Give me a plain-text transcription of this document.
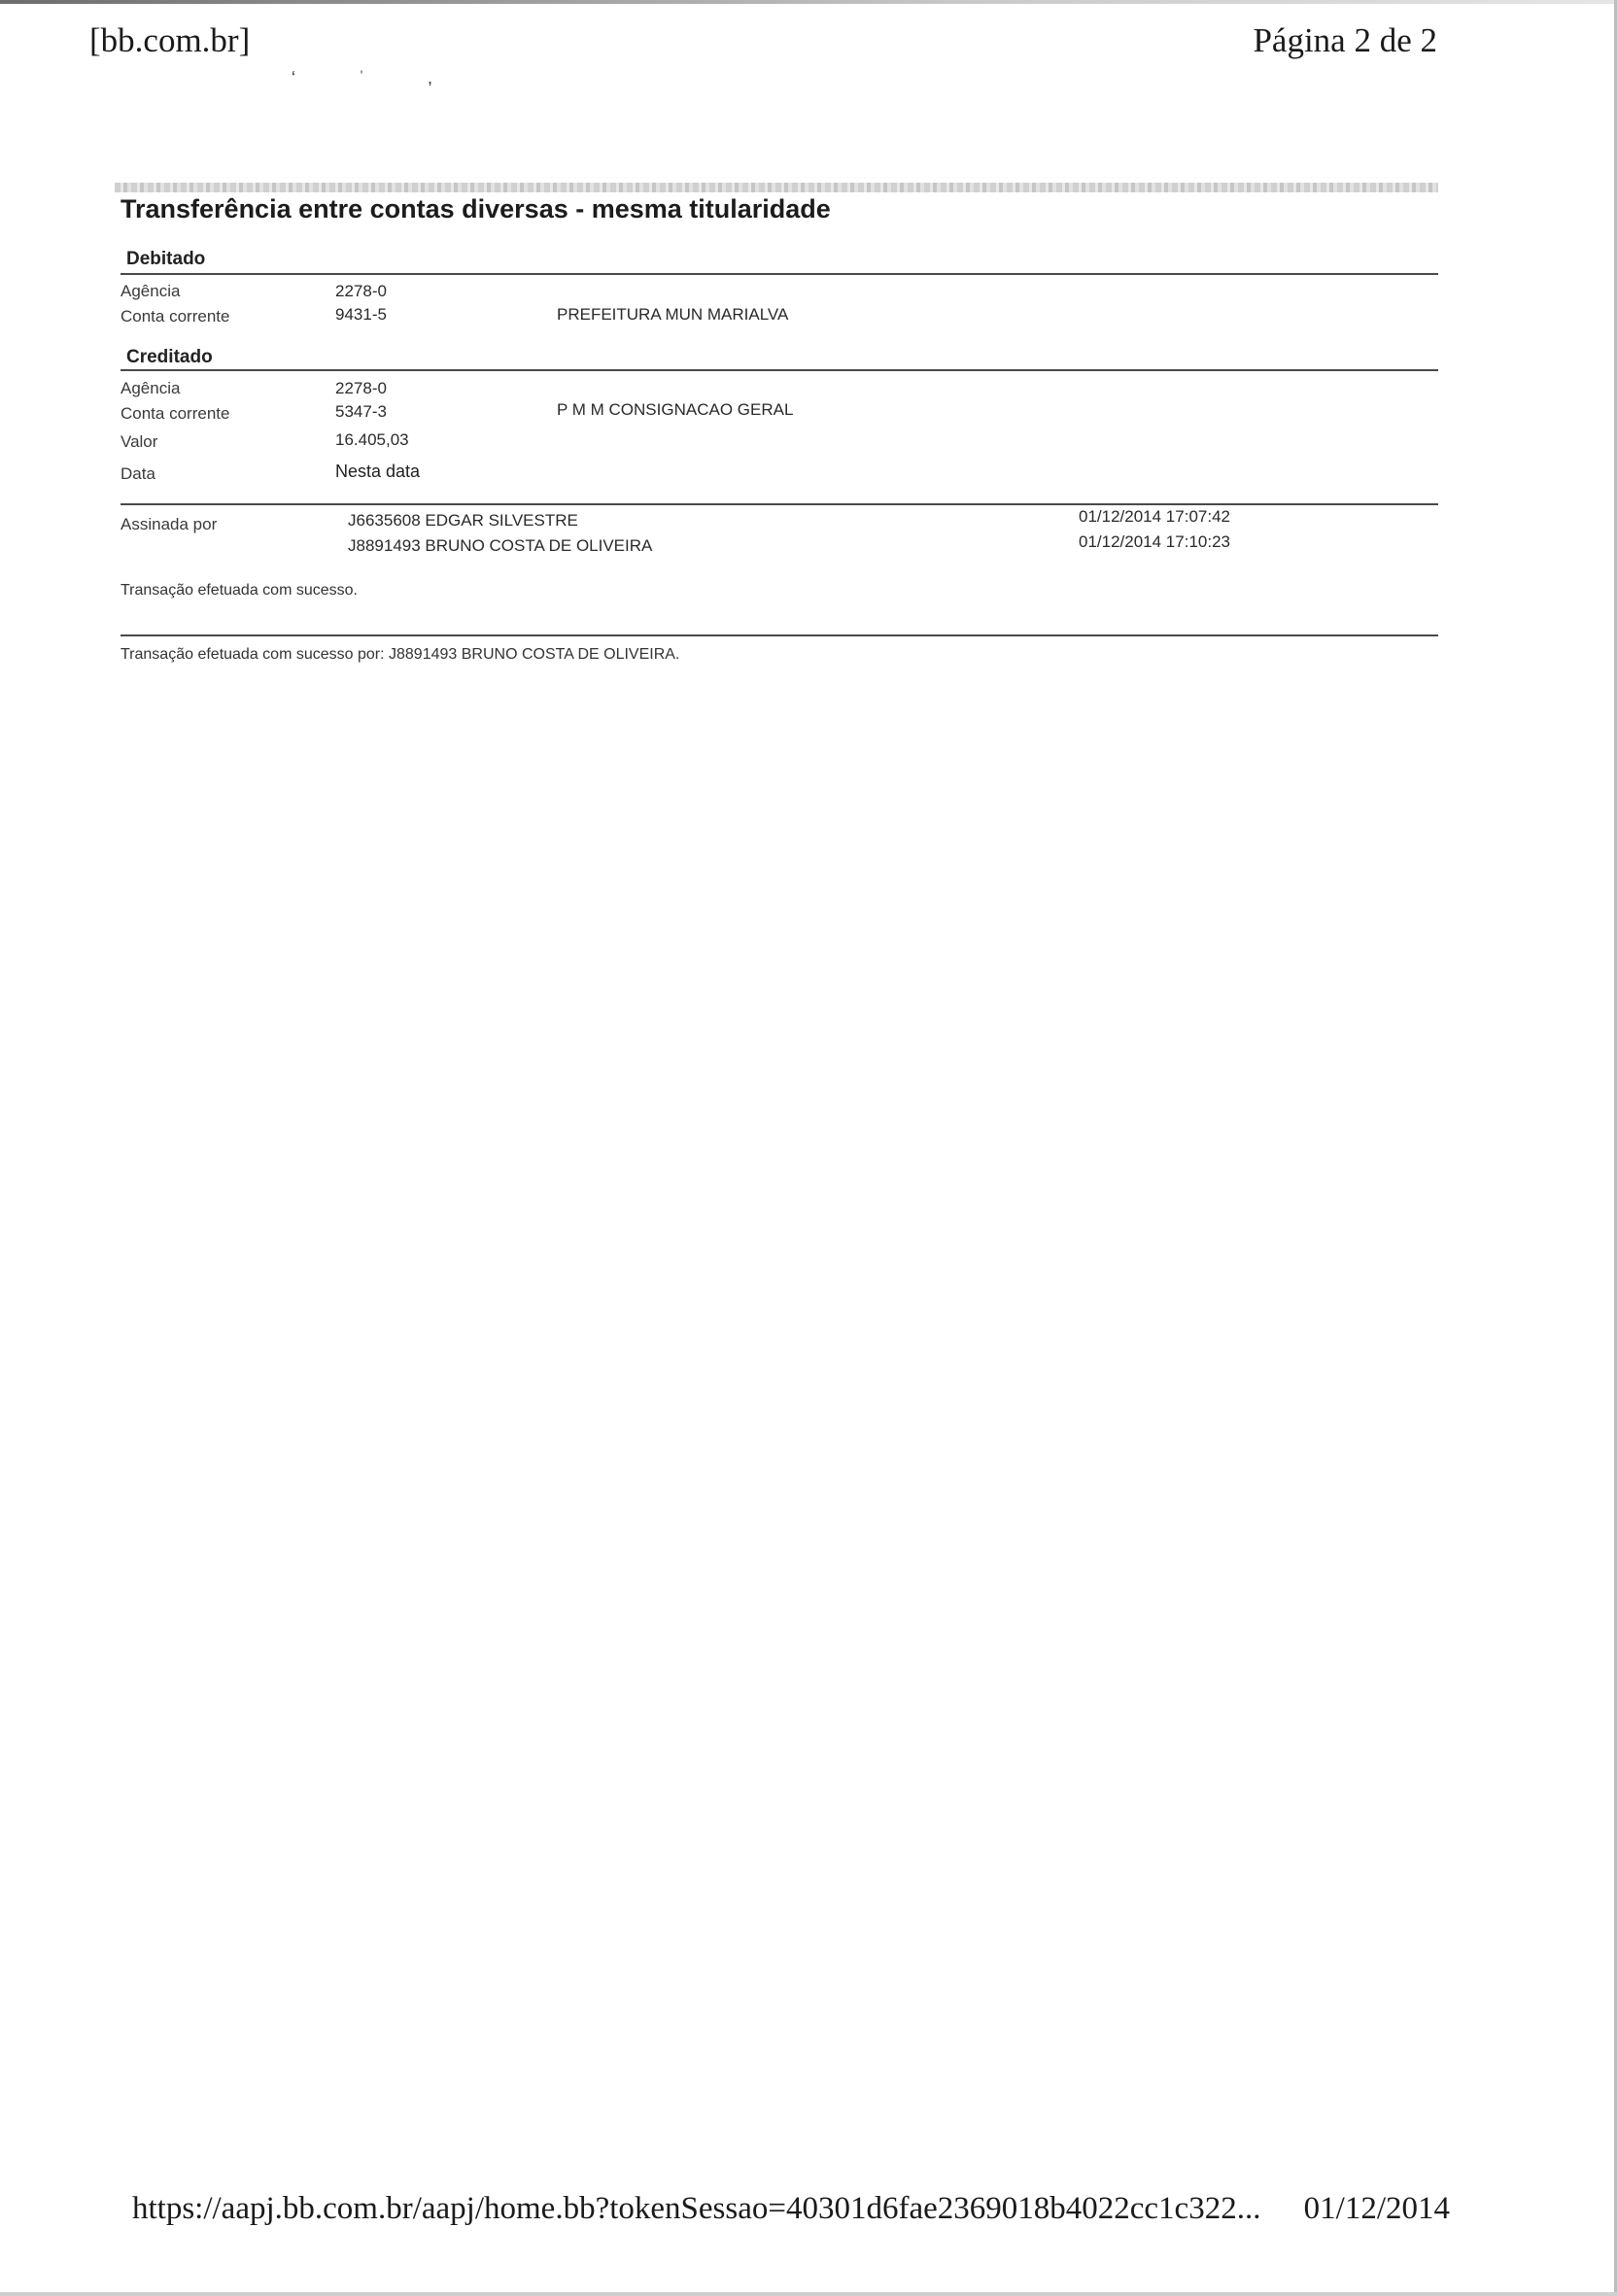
[bb.com.br]	Página 2 de 2
‘ ˈ ,
Transferência entre contas diversas - mesma titularidade
Debitado
Agência	2278-0
Conta corrente	9431-5	PREFEITURA MUN MARIALVA
Creditado
Agência	2278-0
Conta corrente	5347-3	P M M CONSIGNACAO GERAL
Valor	16.405,03
Data	Nesta data
Assinada por	J6635608 EDGAR SILVESTRE	01/12/2014 17:07:42
J8891493 BRUNO COSTA DE OLIVEIRA	01/12/2014 17:10:23
Transação efetuada com sucesso.
Transação efetuada com sucesso por: J8891493 BRUNO COSTA DE OLIVEIRA.
https://aapj.bb.com.br/aapj/home.bb?tokenSessao=40301d6fae2369018b4022cc1c322... 01/12/2014
